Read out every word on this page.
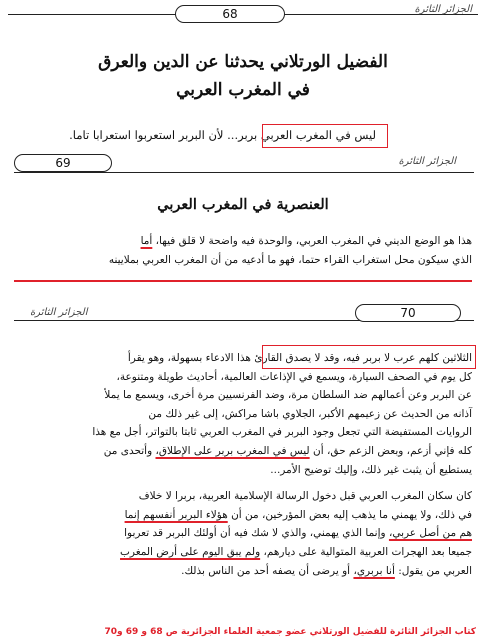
68	الجزائر الثائرة
الفضيل الورتلاني يحدثنا عن الدين والعرق
في المغرب العربي
ليس في المغرب العربي بربر... لأن البربر استعربوا استعرابا تاما.
69	الجزائر الثائرة
العنصرية في المغرب العربي

هذا هو الوضع الديني في المغرب العربي، والوحدة فيه واضحة لا قلق فيها، أما

الذي سيكون محل استغراب القراء حتما، فهو ما أدعيه من أن المغرب العربي بملايينه

70
الجزائر الثائرة

الثلاثين كلهم عرب لا بربر فيه، وقد لا يصدق القارئ هذا الادعاء بسهولة، وهو يقرأ

كل يوم في الصحف السيارة، ويسمع في الإذاعات العالمية، أحاديث طويلة ومتنوعة،

عن البربر وعن أعمالهم ضد السلطان مرة، وضد الفرنسيين مرة أخرى، ويسمع ما يملأ

آذانه من الحديث عن زعيمهم الأكبر، الجلاوي باشا مراكش، إلى غير ذلك من

الروايات المستفيضة التي تجعل وجود البربر في المغرب العربي ثابتا بالتواتر، أجل مع هذا

كله فإني أزعم، وبعض الزعم حق، أن ليس في المغرب بربر على الإطلاق، وأتحدى من

يستطيع أن يثبت غير ذلك، وإليك توضيح الأمر...

كان سكان المغرب العربي قبل دخول الرسالة الإسلامية العربية، بربرا لا خلاف

في ذلك، ولا يهمني ما يذهب إليه بعض المؤرخين، من أن هؤلاء البربر أنفسهم إنما

هم من أصل عربي، وإنما الذي يهمني، والذي لا شك فيه أن أولئك البربر قد تعربوا

جميعا بعد الهجرات العربية المتوالية على ديارهم، ولم يبق اليوم على أرض المغرب

العربي من يقول: أنا بربري، أو يرضى أن يصفه أحد من الناس بذلك.

كتاب الجزائر الثائرة للفضيل الورتلاني عضو جمعية العلماء الجزائرية ص 68 و 69 و70
